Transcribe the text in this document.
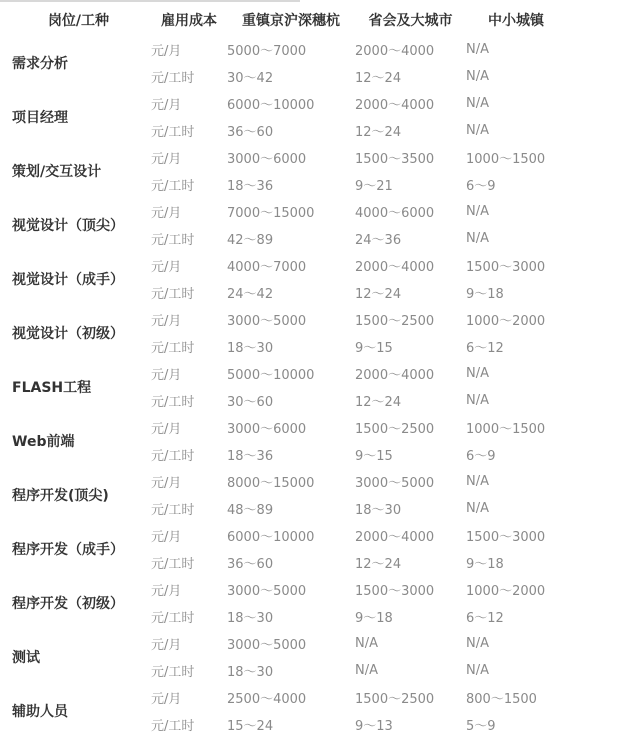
岗位/工种	雇用成本	重镇京沪深穗杭	省会及大城市	中小城镇
需求分析	元/月	5000～7000	2000～4000	N/A
	元/工时	30～42	12～24	N/A
项目经理	元/月	6000～10000	2000～4000	N/A
	元/工时	36～60	12～24	N/A
策划/交互设计	元/月	3000～6000	1500～3500	1000～1500
	元/工时	18～36	9～21	6～9
视觉设计（顶尖）	元/月	7000～15000	4000～6000	N/A
	元/工时	42～89	24～36	N/A
视觉设计（成手）	元/月	4000～7000	2000～4000	1500～3000
	元/工时	24～42	12～24	9～18
视觉设计（初级）	元/月	3000～5000	1500～2500	1000～2000
	元/工时	18～30	9～15	6～12
FLASH工程	元/月	5000～10000	2000～4000	N/A
	元/工时	30～60	12～24	N/A
Web前端	元/月	3000～6000	1500～2500	1000～1500
	元/工时	18～36	9～15	6～9
程序开发(顶尖)	元/月	8000～15000	3000～5000	N/A
	元/工时	48～89	18～30	N/A
程序开发（成手）	元/月	6000～10000	2000～4000	1500～3000
	元/工时	36～60	12～24	9～18
程序开发（初级）	元/月	3000～5000	1500～3000	1000～2000
	元/工时	18～30	9～18	6～12
测试	元/月	3000～5000	N/A	N/A
	元/工时	18～30	N/A	N/A
辅助人员	元/月	2500～4000	1500～2500	800～1500
	元/工时	15～24	9～13	5～9
